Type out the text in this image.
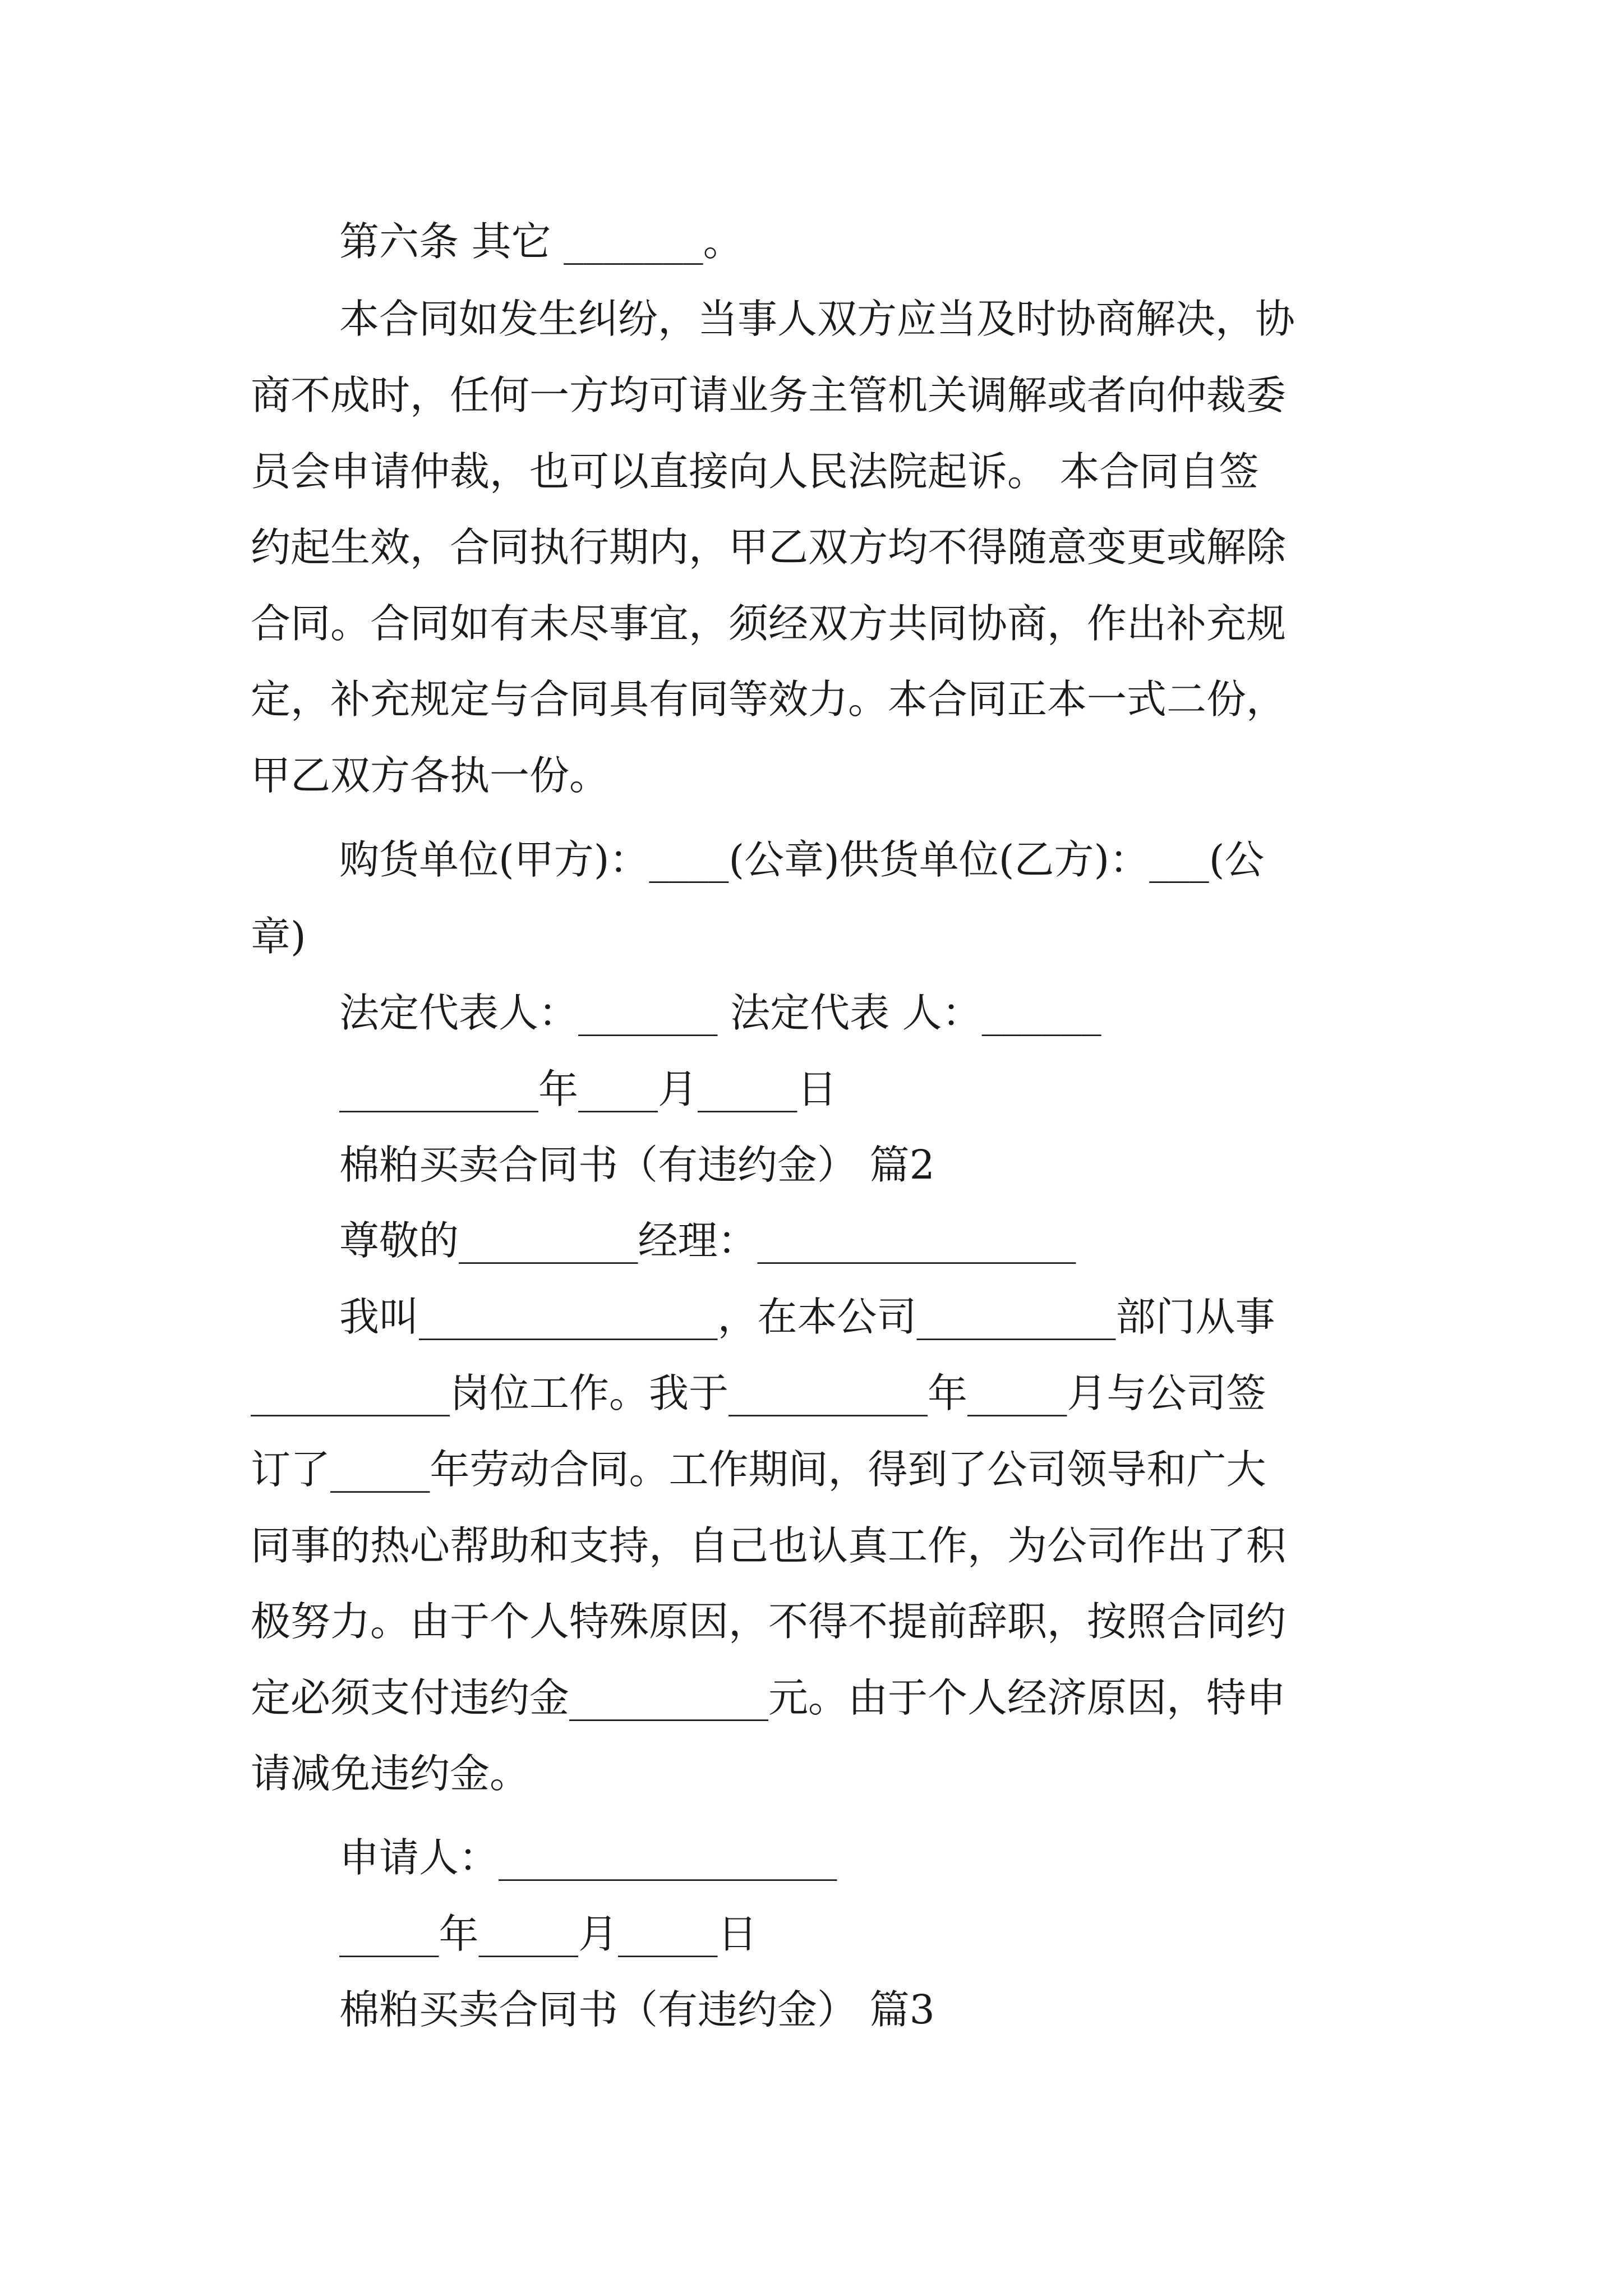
第六条 其它 _______。
本合同如发生纠纷，当事人双方应当及时协商解决，协
商不成时，任何一方均可请业务主管机关调解或者向仲裁委
员会申请仲裁，也可以直接向人民法院起诉。 本合同自签
约起生效，合同执行期内，甲乙双方均不得随意变更或解除
合同。合同如有未尽事宜，须经双方共同协商，作出补充规
定，补充规定与合同具有同等效力。本合同正本一式二份，
甲乙双方各执一份。
购货单位(甲方)：____(公章)供货单位(乙方)：___(公
章)
法定代表人：_______ 法定代表 人：______
__________年____月_____日
棉粕买卖合同书（有违约金） 篇2
尊敬的_________经理：________________
我叫_______________，在本公司__________部门从事
__________岗位工作。我于__________年_____月与公司签
订了_____年劳动合同。工作期间，得到了公司领导和广大
同事的热心帮助和支持，自己也认真工作，为公司作出了积
极努力。由于个人特殊原因，不得不提前辞职，按照合同约
定必须支付违约金__________元。由于个人经济原因，特申
请减免违约金。
申请人：_________________
_____年_____月_____日
棉粕买卖合同书（有违约金） 篇3
